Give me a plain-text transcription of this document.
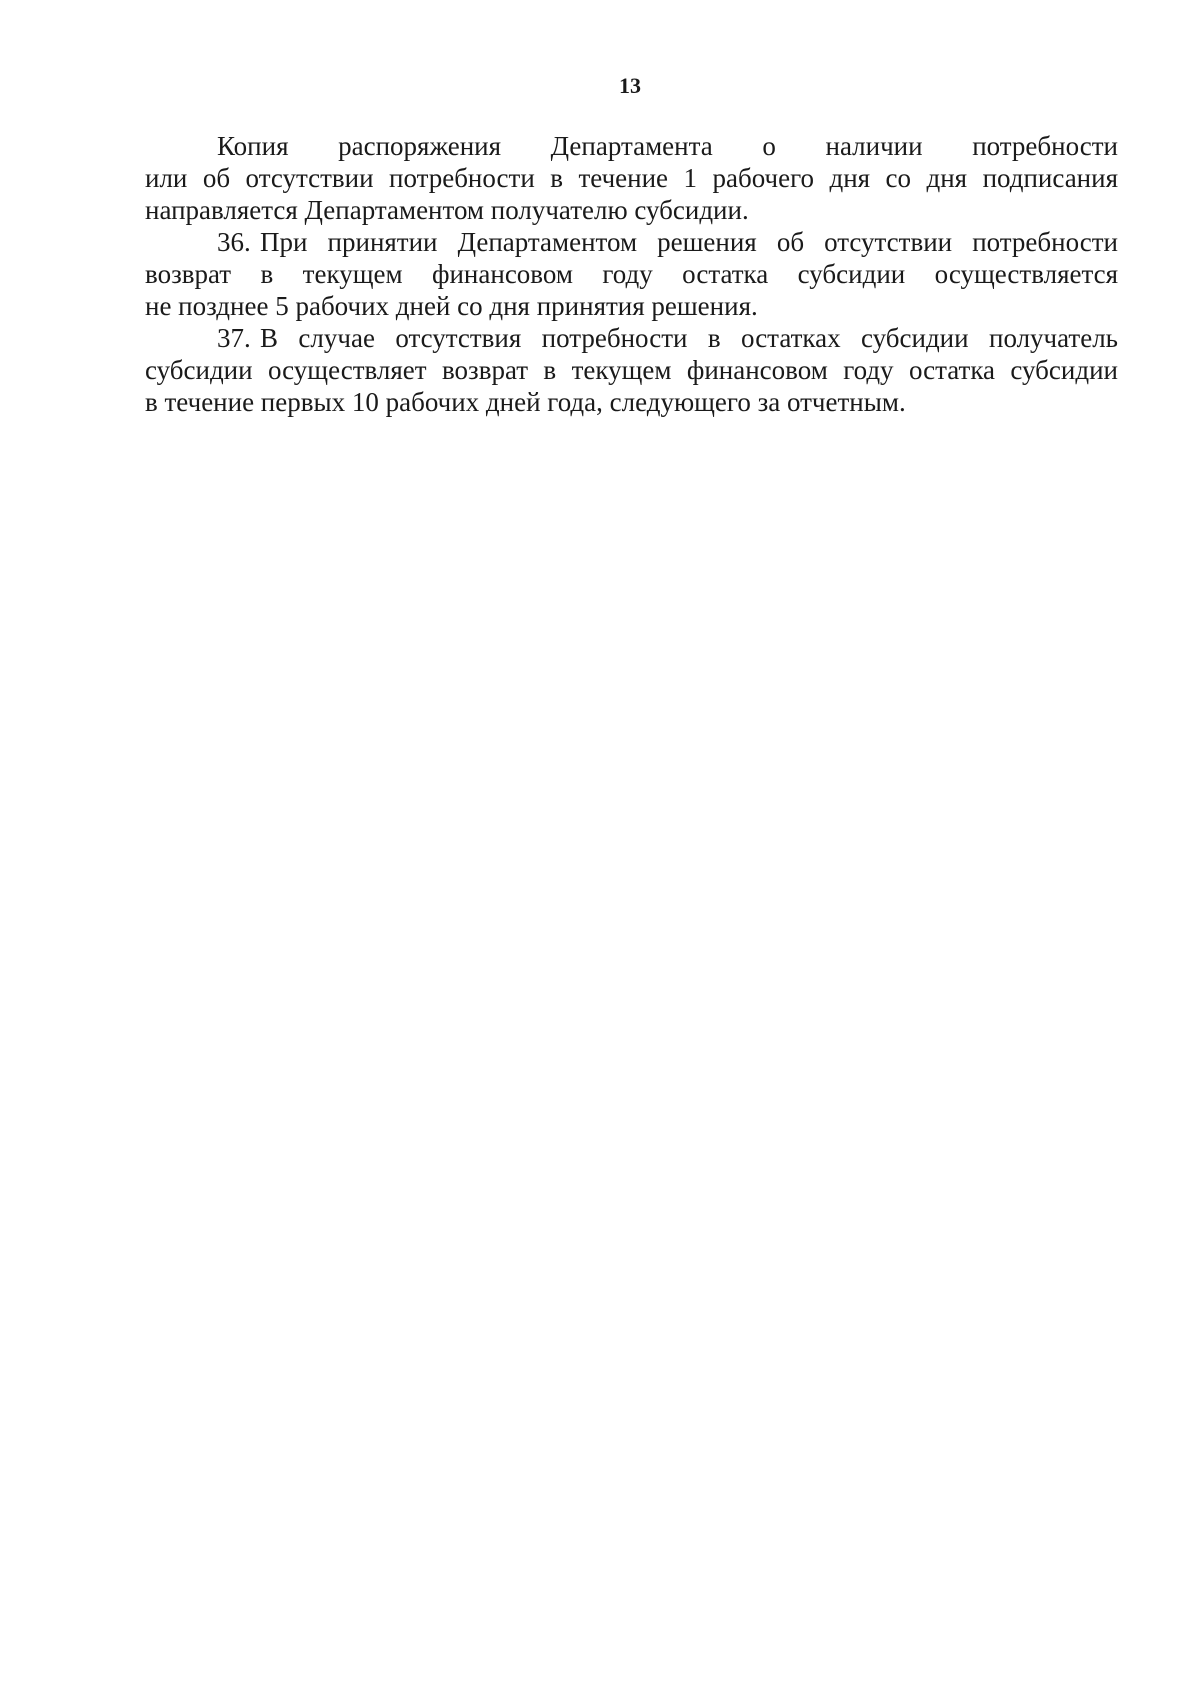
13
Копия распоряжения Департамента о наличии потребности
или об отсутствии потребности в течение 1 рабочего дня со дня подписания
направляется Департаментом получателю субсидии.
36. При принятии Департаментом решения об отсутствии потребности
возврат в текущем финансовом году остатка субсидии осуществляется
не позднее 5 рабочих дней со дня принятия решения.
37. В случае отсутствия потребности в остатках субсидии получатель
субсидии осуществляет возврат в текущем финансовом году остатка субсидии
в течение первых 10 рабочих дней года, следующего за отчетным.
